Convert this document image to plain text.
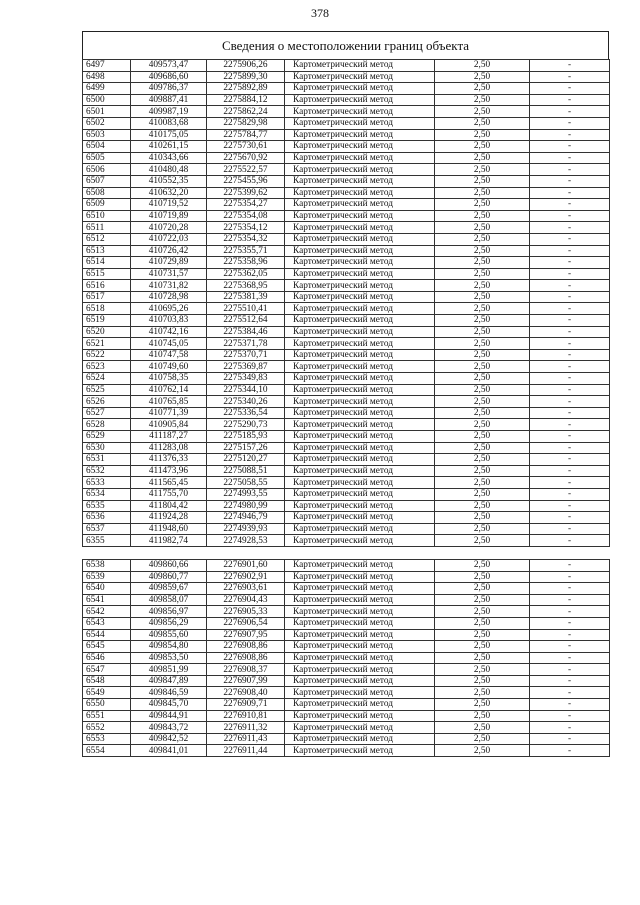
378
Сведения о местоположении границ объекта
6497	409573,47	2275906,26	Картометрический метод	2,50	-
6498	409686,60	2275899,30	Картометрический метод	2,50	-
6499	409786,37	2275892,89	Картометрический метод	2,50	-
6500	409887,41	2275884,12	Картометрический метод	2,50	-
6501	409987,19	2275862,24	Картометрический метод	2,50	-
6502	410083,68	2275829,98	Картометрический метод	2,50	-
6503	410175,05	2275784,77	Картометрический метод	2,50	-
6504	410261,15	2275730,61	Картометрический метод	2,50	-
6505	410343,66	2275670,92	Картометрический метод	2,50	-
6506	410480,48	2275522,57	Картометрический метод	2,50	-
6507	410552,35	2275455,96	Картометрический метод	2,50	-
6508	410632,20	2275399,62	Картометрический метод	2,50	-
6509	410719,52	2275354,27	Картометрический метод	2,50	-
6510	410719,89	2275354,08	Картометрический метод	2,50	-
6511	410720,28	2275354,12	Картометрический метод	2,50	-
6512	410722,03	2275354,32	Картометрический метод	2,50	-
6513	410726,42	2275355,71	Картометрический метод	2,50	-
6514	410729,89	2275358,96	Картометрический метод	2,50	-
6515	410731,57	2275362,05	Картометрический метод	2,50	-
6516	410731,82	2275368,95	Картометрический метод	2,50	-
6517	410728,98	2275381,39	Картометрический метод	2,50	-
6518	410695,26	2275510,41	Картометрический метод	2,50	-
6519	410703,83	2275512,64	Картометрический метод	2,50	-
6520	410742,16	2275384,46	Картометрический метод	2,50	-
6521	410745,05	2275371,78	Картометрический метод	2,50	-
6522	410747,58	2275370,71	Картометрический метод	2,50	-
6523	410749,60	2275369,87	Картометрический метод	2,50	-
6524	410758,35	2275349,83	Картометрический метод	2,50	-
6525	410762,14	2275344,10	Картометрический метод	2,50	-
6526	410765,85	2275340,26	Картометрический метод	2,50	-
6527	410771,39	2275336,54	Картометрический метод	2,50	-
6528	410905,84	2275290,73	Картометрический метод	2,50	-
6529	411187,27	2275185,93	Картометрический метод	2,50	-
6530	411283,08	2275157,26	Картометрический метод	2,50	-
6531	411376,33	2275120,27	Картометрический метод	2,50	-
6532	411473,96	2275088,51	Картометрический метод	2,50	-
6533	411565,45	2275058,55	Картометрический метод	2,50	-
6534	411755,70	2274993,55	Картометрический метод	2,50	-
6535	411804,42	2274980,99	Картометрический метод	2,50	-
6536	411924,28	2274946,79	Картометрический метод	2,50	-
6537	411948,60	2274939,93	Картометрический метод	2,50	-
6355	411982,74	2274928,53	Картометрический метод	2,50	-

6538	409860,66	2276901,60	Картометрический метод	2,50	-
6539	409860,77	2276902,91	Картометрический метод	2,50	-
6540	409859,67	2276903,61	Картометрический метод	2,50	-
6541	409858,07	2276904,43	Картометрический метод	2,50	-
6542	409856,97	2276905,33	Картометрический метод	2,50	-
6543	409856,29	2276906,54	Картометрический метод	2,50	-
6544	409855,60	2276907,95	Картометрический метод	2,50	-
6545	409854,80	2276908,86	Картометрический метод	2,50	-
6546	409853,50	2276908,86	Картометрический метод	2,50	-
6547	409851,99	2276908,37	Картометрический метод	2,50	-
6548	409847,89	2276907,99	Картометрический метод	2,50	-
6549	409846,59	2276908,40	Картометрический метод	2,50	-
6550	409845,70	2276909,71	Картометрический метод	2,50	-
6551	409844,91	2276910,81	Картометрический метод	2,50	-
6552	409843,72	2276911,32	Картометрический метод	2,50	-
6553	409842,52	2276911,43	Картометрический метод	2,50	-
6554	409841,01	2276911,44	Картометрический метод	2,50	-
